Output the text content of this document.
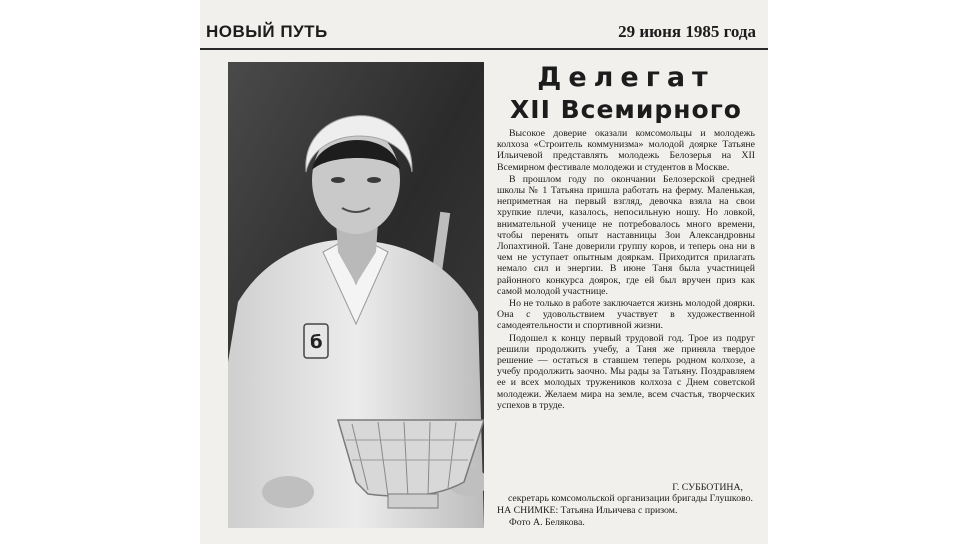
НОВЫЙ ПУТЬ	29 июня 1985 года
б
Делегат
XII Всемирного

Высокое доверие оказали комсомольцы и молодежь колхоза «Строитель коммунизма» молодой доярке Татьяне Ильичевой представлять молодежь Белозерья на XII Всемирном фестивале молодежи и студентов в Москве.

В прошлом году по окончании Белозерской средней школы № 1 Татьяна пришла работать на ферму. Маленькая, неприметная на первый взгляд, девочка взяла на свои хрупкие плечи, казалось, непосильную ношу. Но ловкой, внимательной ученице не потребовалось много времени, чтобы перенять опыт наставницы Зои Александровны Лопахтиной. Тане доверили группу коров, и теперь она ни в чем не уступает опытным дояркам. Приходится прилагать немало сил и энергии. В июне Таня была участницей районного конкурса доярок, где ей был вручен приз как самой молодой участнице.

Но не только в работе заключается жизнь молодой доярки. Она с удовольствием участвует в художественной самодеятельности и спортивной жизни.

Подошел к концу первый трудовой год. Трое из подруг решили продолжить учебу, а Таня же приняла твердое решение — остаться в ставшем теперь родном колхозе, а учебу продолжить заочно. Мы рады за Татьяну. Поздравляем ее и всех молодых тружеников колхоза с Днем советской молодежи. Желаем мира на земле, всем счастья, творческих успехов в труде.

Г. СУББОТИНА,
секретарь комсомольской организации бригады Глушково.
НА СНИМКЕ: Татьяна Ильичева с призом.
Фото А. Белякова.
